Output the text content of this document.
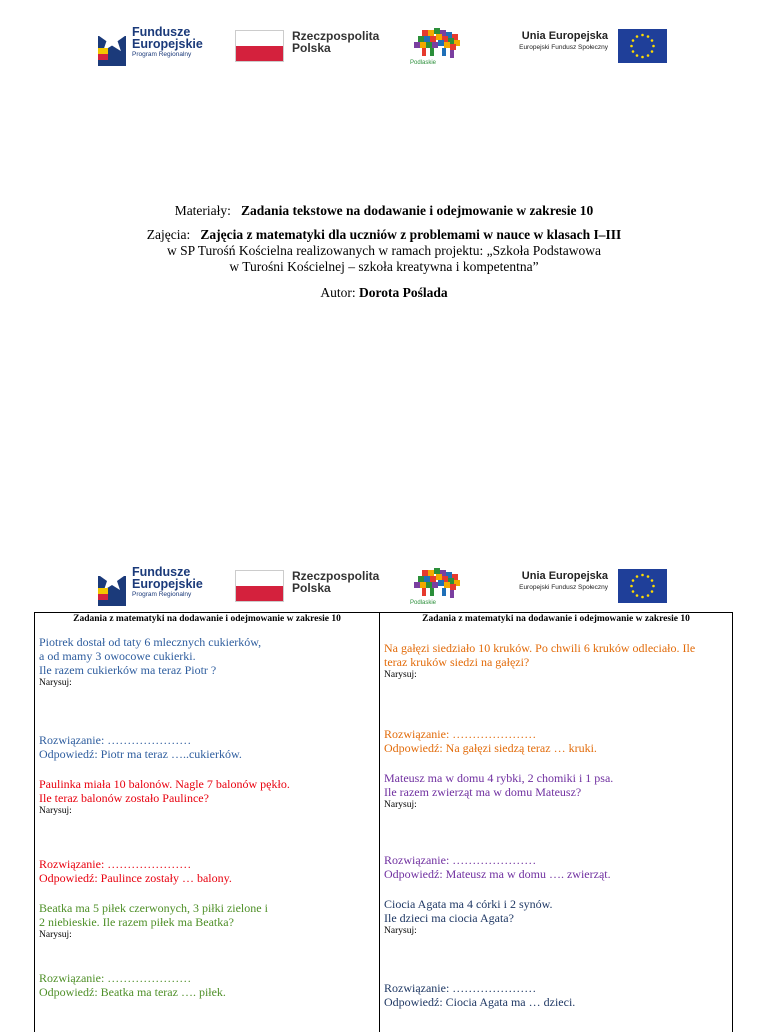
Fundusze
Europejskie
Program Regionalny
Rzeczpospolita
Polska
Podlaskie
Unia Europejska
Europejski Fundusz Społeczny

Materiały: Zadania tekstowe na dodawanie i odejmowanie w zakresie 10

Zajęcia: Zajęcia z matematyki dla uczniów z problemami w nauce w klasach I–III

w SP Turośń Kościelna realizowanych w ramach projektu: „Szkoła Podstawowa

w Turośni Kościelnej – szkoła kreatywna i kompetentna”

Autor: Dorota Poślada

Fundusze
Europejskie
Program Regionalny
Rzeczpospolita
Polska
Podlaskie
Unia Europejska
Europejski Fundusz Społeczny

Zadania z matematyki na dodawanie i odejmowanie w zakresie 10

Piotrek dostał od taty 6 mlecznych cukierków,

a od mamy 3 owocowe cukierki.

Ile razem cukierków ma teraz Piotr ?

Narysuj:

Rozwiązanie: …………………

Odpowiedź: Piotr ma teraz …..cukierków.

Paulinka miała 10 balonów. Nagle 7 balonów pękło.

Ile teraz balonów zostało Paulince?

Narysuj:

Rozwiązanie: …………………

Odpowiedź: Paulince zostały … balony.

Beatka ma 5 piłek czerwonych, 3 piłki zielone i

2 niebieskie. Ile razem piłek ma Beatka?

Narysuj:

Rozwiązanie: …………………

Odpowiedź: Beatka ma teraz …. piłek.

Zadania z matematyki na dodawanie i odejmowanie w zakresie 10

Na gałęzi siedziało 10 kruków. Po chwili 6 kruków odleciało. Ile

teraz kruków siedzi na gałęzi?

Narysuj:

Rozwiązanie: …………………

Odpowiedź: Na gałęzi siedzą teraz … kruki.

Mateusz ma w domu 4 rybki, 2 chomiki i 1 psa.

Ile razem zwierząt ma w domu Mateusz?

Narysuj:

Rozwiązanie: …………………

Odpowiedź: Mateusz ma w domu …. zwierząt.

Ciocia Agata ma 4 córki i 2 synów.

Ile dzieci ma ciocia Agata?

Narysuj:

Rozwiązanie: …………………

Odpowiedź: Ciocia Agata ma … dzieci.
